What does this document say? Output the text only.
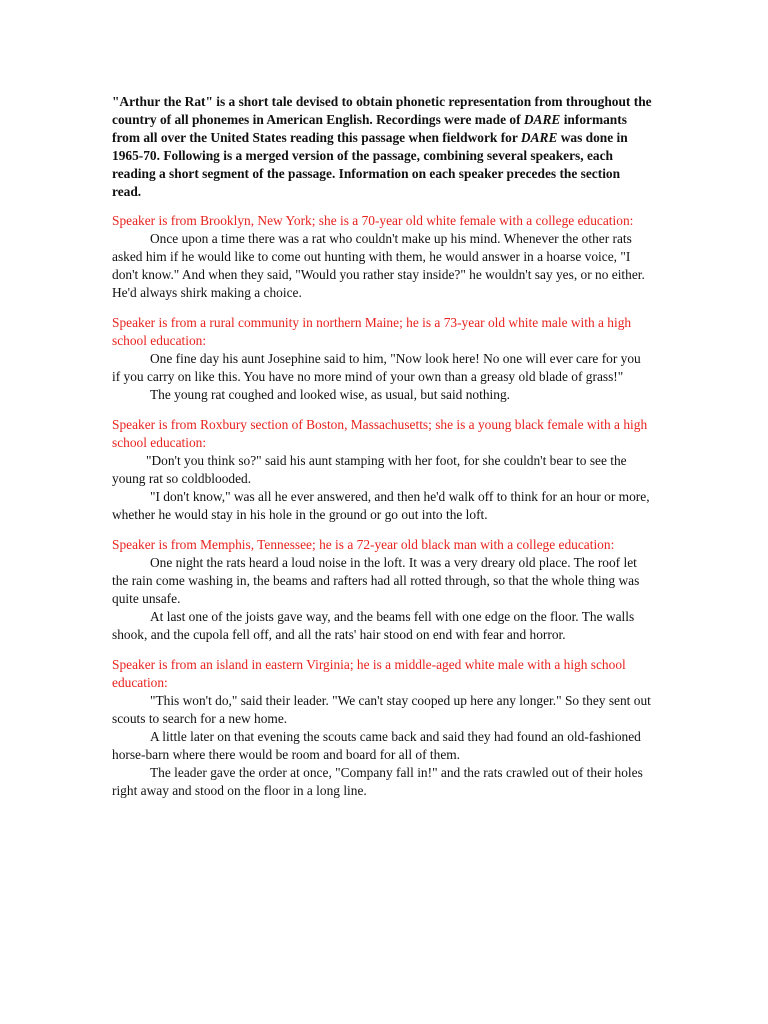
"Arthur the Rat" is a short tale devised to obtain phonetic representation from throughout the country of all phonemes in American English. Recordings were made of DARE informants from all over the United States reading this passage when fieldwork for DARE was done in 1965-70. Following is a merged version of the passage, combining several speakers, each reading a short segment of the passage. Information on each speaker precedes the section read.

Speaker is from Brooklyn, New York; she is a 70-year old white female with a college education:

Once upon a time there was a rat who couldn't make up his mind. Whenever the other rats asked him if he would like to come out hunting with them, he would answer in a hoarse voice, "I don't know." And when they said, "Would you rather stay inside?" he wouldn't say yes, or no either. He'd always shirk making a choice.

Speaker is from a rural community in northern Maine; he is a 73-year old white male with a high school education:

One fine day his aunt Josephine said to him, "Now look here! No one will ever care for you if you carry on like this. You have no more mind of your own than a greasy old blade of grass!"

The young rat coughed and looked wise, as usual, but said nothing.

Speaker is from Roxbury section of Boston, Massachusetts; she is a young black female with a high school education:

"Don't you think so?" said his aunt stamping with her foot, for she couldn't bear to see the young rat so coldblooded.

"I don't know," was all he ever answered, and then he'd walk off to think for an hour or more, whether he would stay in his hole in the ground or go out into the loft.

Speaker is from Memphis, Tennessee; he is a 72-year old black man with a college education:

One night the rats heard a loud noise in the loft. It was a very dreary old place. The roof let the rain come washing in, the beams and rafters had all rotted through, so that the whole thing was quite unsafe.

At last one of the joists gave way, and the beams fell with one edge on the floor. The walls shook, and the cupola fell off, and all the rats' hair stood on end with fear and horror.

Speaker is from an island in eastern Virginia; he is a middle-aged white male with a high school education:

"This won't do," said their leader. "We can't stay cooped up here any longer." So they sent out scouts to search for a new home.

A little later on that evening the scouts came back and said they had found an old-fashioned horse-barn where there would be room and board for all of them.

The leader gave the order at once, "Company fall in!" and the rats crawled out of their holes right away and stood on the floor in a long line.
